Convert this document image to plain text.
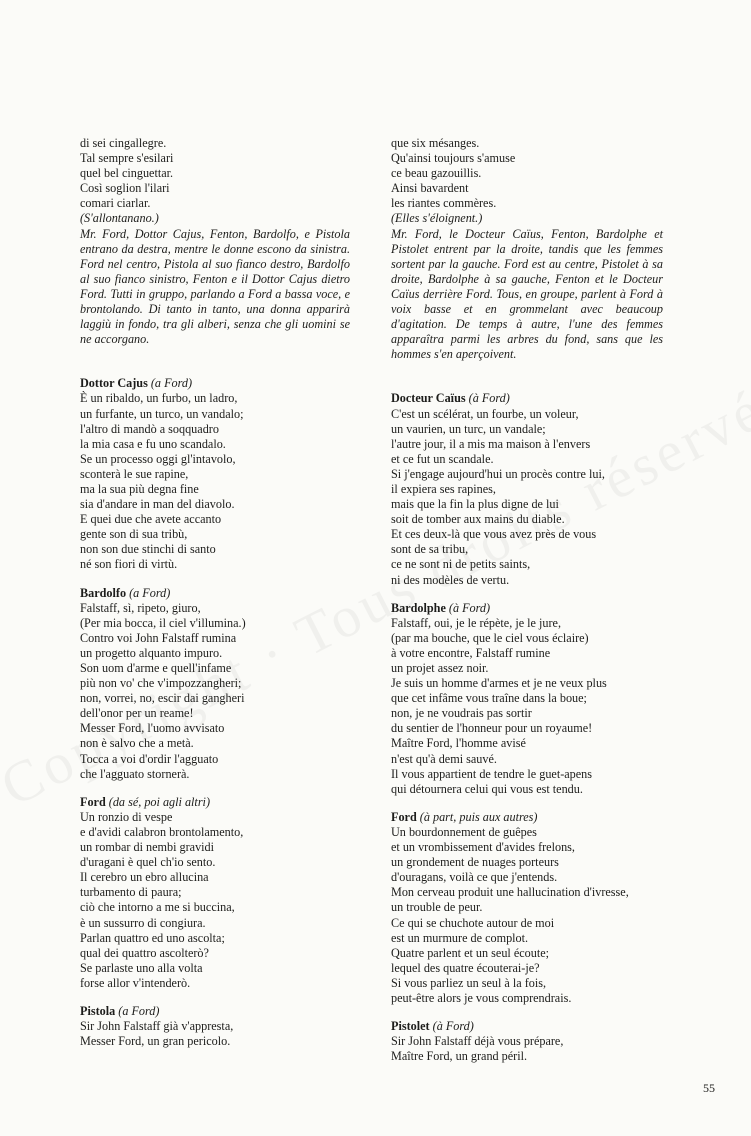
di sei cingallegre.
Tal sempre s'esilari
quel bel cinguettar.
Così soglion l'ilari
comari ciarlar.
(S'allontanano.)
Mr. Ford, Dottor Cajus, Fenton, Bardolfo, e Pistola entrano da destra, mentre le donne escono da sinistra. Ford nel centro, Pistola al suo fianco destro, Bardolfo al suo fianco sinistro, Fenton e il Dottor Cajus dietro Ford. Tutti in gruppo, parlando a Ford a bassa voce, e brontolando. Di tanto in tanto, una donna apparirà laggiù in fondo, tra gli alberi, senza che gli uomini se ne accorgano.
Dottor Cajus (a Ford)
È un ribaldo, un furbo, un ladro,
un furfante, un turco, un vandalo;
l'altro di mandò a soqquadro
la mia casa e fu uno scandalo.
Se un processo oggi gl'intavolo,
sconterà le sue rapine,
ma la sua più degna fine
sia d'andare in man del diavolo.
E quei due che avete accanto
gente son di sua tribù,
non son due stinchi di santo
né son fiori di virtù.
Bardolfo (a Ford)
Falstaff, sì, ripeto, giuro,
(Per mia bocca, il ciel v'illumina.)
Contro voi John Falstaff rumina
un progetto alquanto impuro.
Son uom d'arme e quell'infame
più non vo' che v'impozzangheri;
non, vorrei, no, escir dai gangheri
dell'onor per un reame!
Messer Ford, l'uomo avvisato
non è salvo che a metà.
Tocca a voi d'ordir l'agguato
che l'agguato stornerà.
Ford (da sé, poi agli altri)
Un ronzio di vespe
e d'avidi calabron brontolamento,
un rombar di nembi gravidi
d'uragani è quel ch'io sento.
Il cerebro un ebro allucina
turbamento di paura;
ciò che intorno a me si buccina,
è un sussurro di congiura.
Parlan quattro ed uno ascolta;
qual dei quattro ascolterò?
Se parlaste uno alla volta
forse allor v'intenderò.
Pistola (a Ford)
Sir John Falstaff già v'appresta,
Messer Ford, un gran pericolo.
que six mésanges.
Qu'ainsi toujours s'amuse
ce beau gazouillis.
Ainsi bavardent
les riantes commères.
(Elles s'éloignent.)
Mr. Ford, le Docteur Caïus, Fenton, Bardolphe et Pistolet entrent par la droite, tandis que les femmes sortent par la gauche. Ford est au centre, Pistolet à sa droite, Bardolphe à sa gauche, Fenton et le Docteur Caïus derrière Ford. Tous, en groupe, parlent à Ford à voix basse et en grommelant avec beaucoup d'agitation. De temps à autre, l'une des femmes apparaîtra parmi les arbres du fond, sans que les hommes s'en aperçoivent.
Docteur Caïus (à Ford)
C'est un scélérat, un fourbe, un voleur,
un vaurien, un turc, un vandale;
l'autre jour, il a mis ma maison à l'envers
et ce fut un scandale.
Si j'engage aujourd'hui un procès contre lui,
il expiera ses rapines,
mais que la fin la plus digne de lui
soit de tomber aux mains du diable.
Et ces deux-là que vous avez près de vous
sont de sa tribu,
ce ne sont ni de petits saints,
ni des modèles de vertu.
Bardolphe (à Ford)
Falstaff, oui, je le répète, je le jure,
(par ma bouche, que le ciel vous éclaire)
à votre encontre, Falstaff rumine
un projet assez noir.
Je suis un homme d'armes et je ne veux plus
que cet infâme vous traîne dans la boue;
non, je ne voudrais pas sortir
du sentier de l'honneur pour un royaume!
Maître Ford, l'homme avisé
n'est qu'à demi sauvé.
Il vous appartient de tendre le guet-apens
qui détournera celui qui vous est tendu.
Ford (à part, puis aux autres)
Un bourdonnement de guêpes
et un vrombissement d'avides frelons,
un grondement de nuages porteurs
d'ouragans, voilà ce que j'entends.
Mon cerveau produit une hallucination d'ivresse,
un trouble de peur.
Ce qui se chuchote autour de moi
est un murmure de complot.
Quatre parlent et un seul écoute;
lequel des quatre écouterai-je?
Si vous parliez un seul à la fois,
peut-être alors je vous comprendrais.
Pistolet (à Ford)
Sir John Falstaff déjà vous prépare,
Maître Ford, un grand péril.
55
